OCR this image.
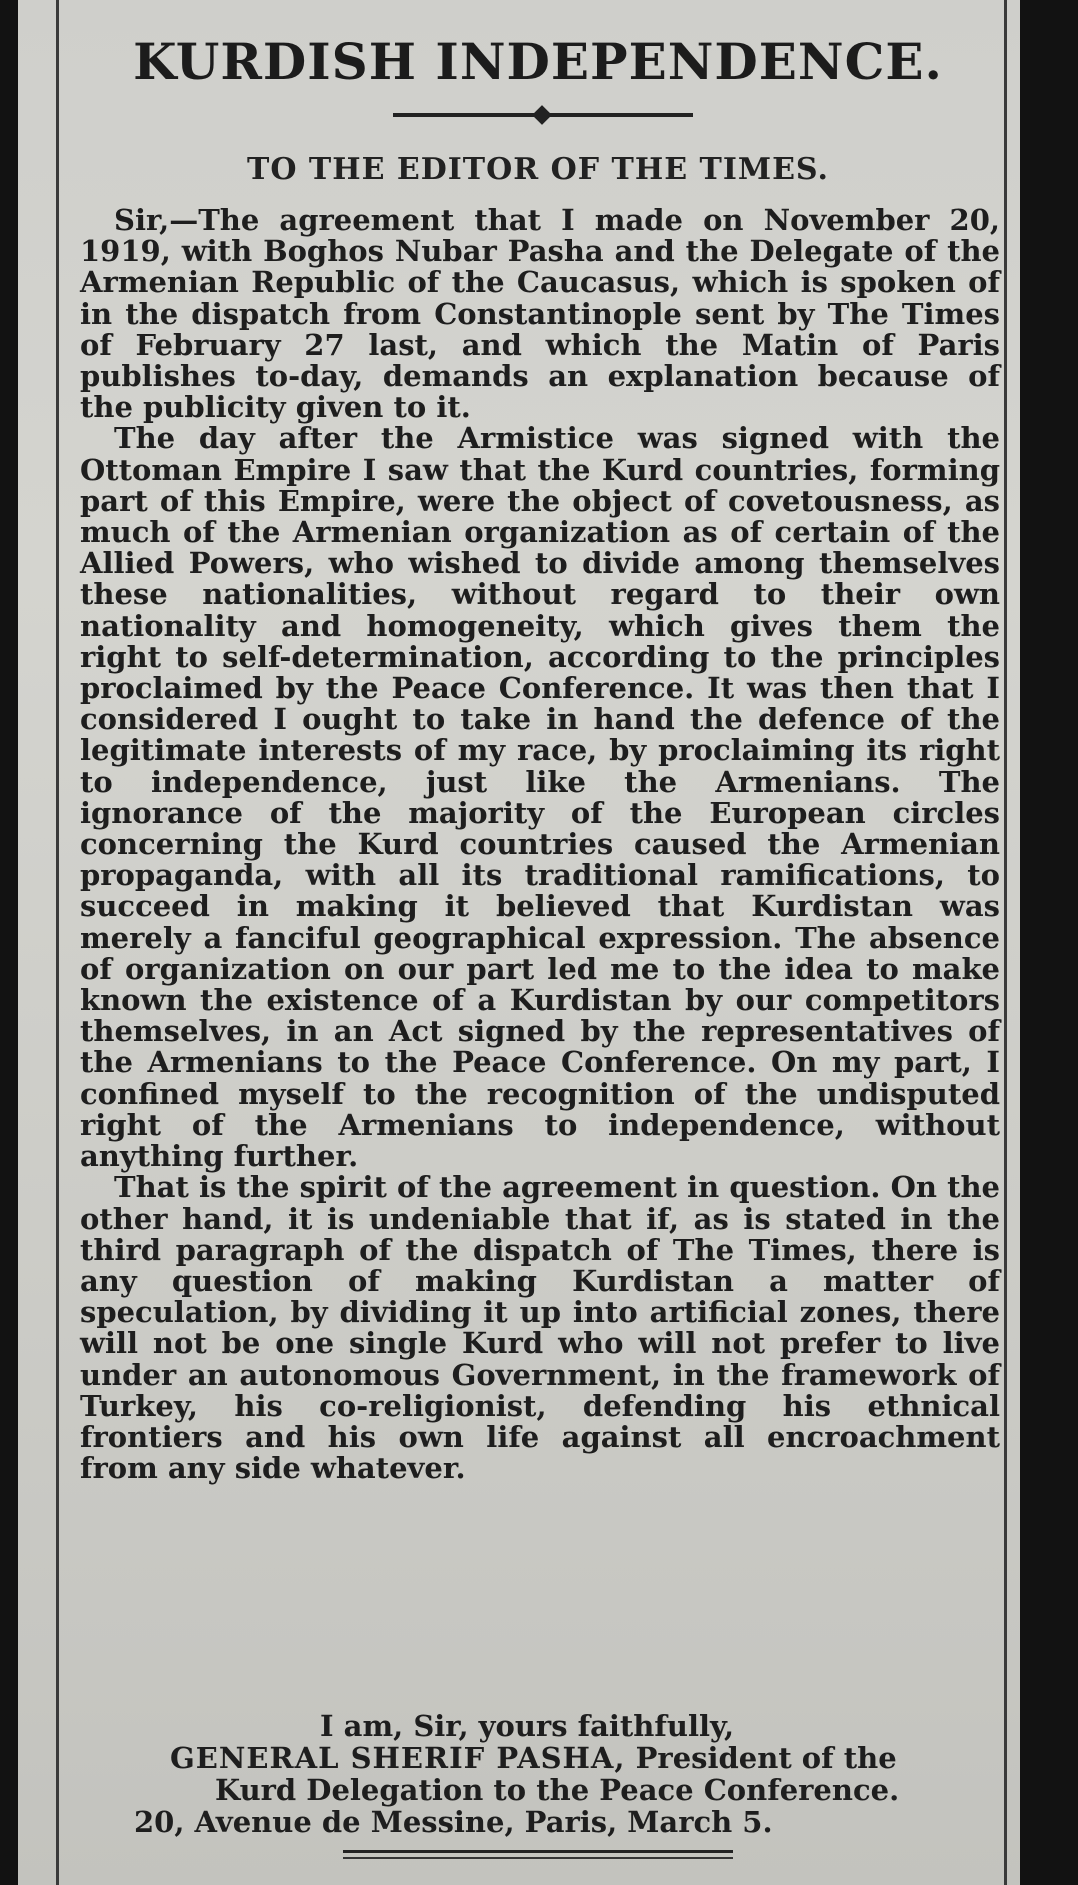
KURDISH INDEPENDENCE.
TO THE EDITOR OF THE TIMES.

Sir,—The agreement that I made on November 20, 1919, with Boghos Nubar Pasha and the Delegate of the Armenian Republic of the Caucasus, which is spoken of in the dispatch from Constantinople sent by The Times of February 27 last, and which the Matin of Paris publishes to-day, demands an explanation because of the publicity given to it.

The day after the Armistice was signed with the Ottoman Empire I saw that the Kurd countries, forming part of this Empire, were the object of covetousness, as much of the Armenian organization as of certain of the Allied Powers, who wished to divide among themselves these nationalities, without regard to their own nationality and homogeneity, which gives them the right to self-determination, according to the principles proclaimed by the Peace Conference. It was then that I considered I ought to take in hand the defence of the legitimate interests of my race, by proclaiming its right to independence, just like the Armenians. The ignorance of the majority of the European circles concerning the Kurd countries caused the Armenian propaganda, with all its traditional ramifications, to succeed in making it believed that Kurdistan was merely a fanciful geographical expression. The absence of organization on our part led me to the idea to make known the existence of a Kurdistan by our competitors themselves, in an Act signed by the representatives of the Armenians to the Peace Conference. On my part, I confined myself to the recognition of the undisputed right of the Armenians to independence, without anything further.

That is the spirit of the agreement in question. On the other hand, it is undeniable that if, as is stated in the third paragraph of the dispatch of The Times, there is any question of making Kurdistan a matter of speculation, by dividing it up into artificial zones, there will not be one single Kurd who will not prefer to live under an autonomous Government, in the framework of Turkey, his co-religionist, defending his ethnical frontiers and his own life against all encroachment from any side whatever.

I am, Sir, yours faithfully,
GENERAL SHERIF PASHA, President of the
Kurd Delegation to the Peace Conference.
20, Avenue de Messine, Paris, March 5.
